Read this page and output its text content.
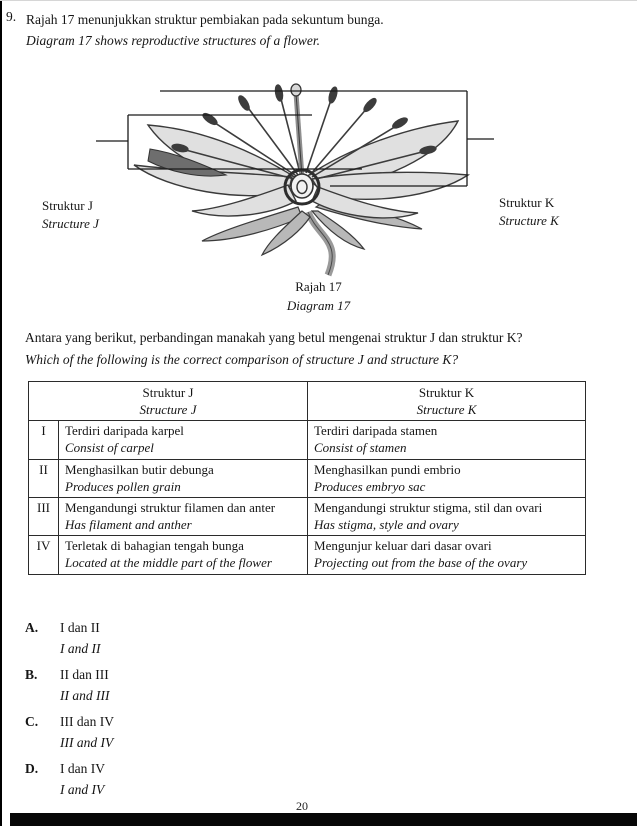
9. Rajah 17 menunjukkan struktur pembiakan pada sekuntum bunga.
Diagram 17 shows reproductive structures of a flower.
Struktur J
Structure J
Struktur K
Structure K
Rajah 17
Diagram 17
Antara yang berikut, perbandingan manakah yang betul mengenai struktur J dan struktur K?
Which of the following is the correct comparison of structure J and structure K?
Struktur J
Structure J

Struktur K
Structure K

I	Terdiri daripada karpel
Consist of carpel

Terdiri daripada stamen
Consist of stamen

II	Menghasilkan butir debunga
Produces pollen grain

Menghasilkan pundi embrio
Produces embryo sac

III	Mengandungi struktur filamen dan anter
Has filament and anther

Mengandungi struktur stigma, stil dan ovari
Has stigma, style and ovary

IV	Terletak di bahagian tengah bunga
Located at the middle part of the flower

Mengunjur keluar dari dasar ovari
Projecting out from the base of the ovary
A.	I dan II
I and II
B.	II dan III
II and III
C.	III dan IV
III and IV
D.	I dan IV
I and IV
20
